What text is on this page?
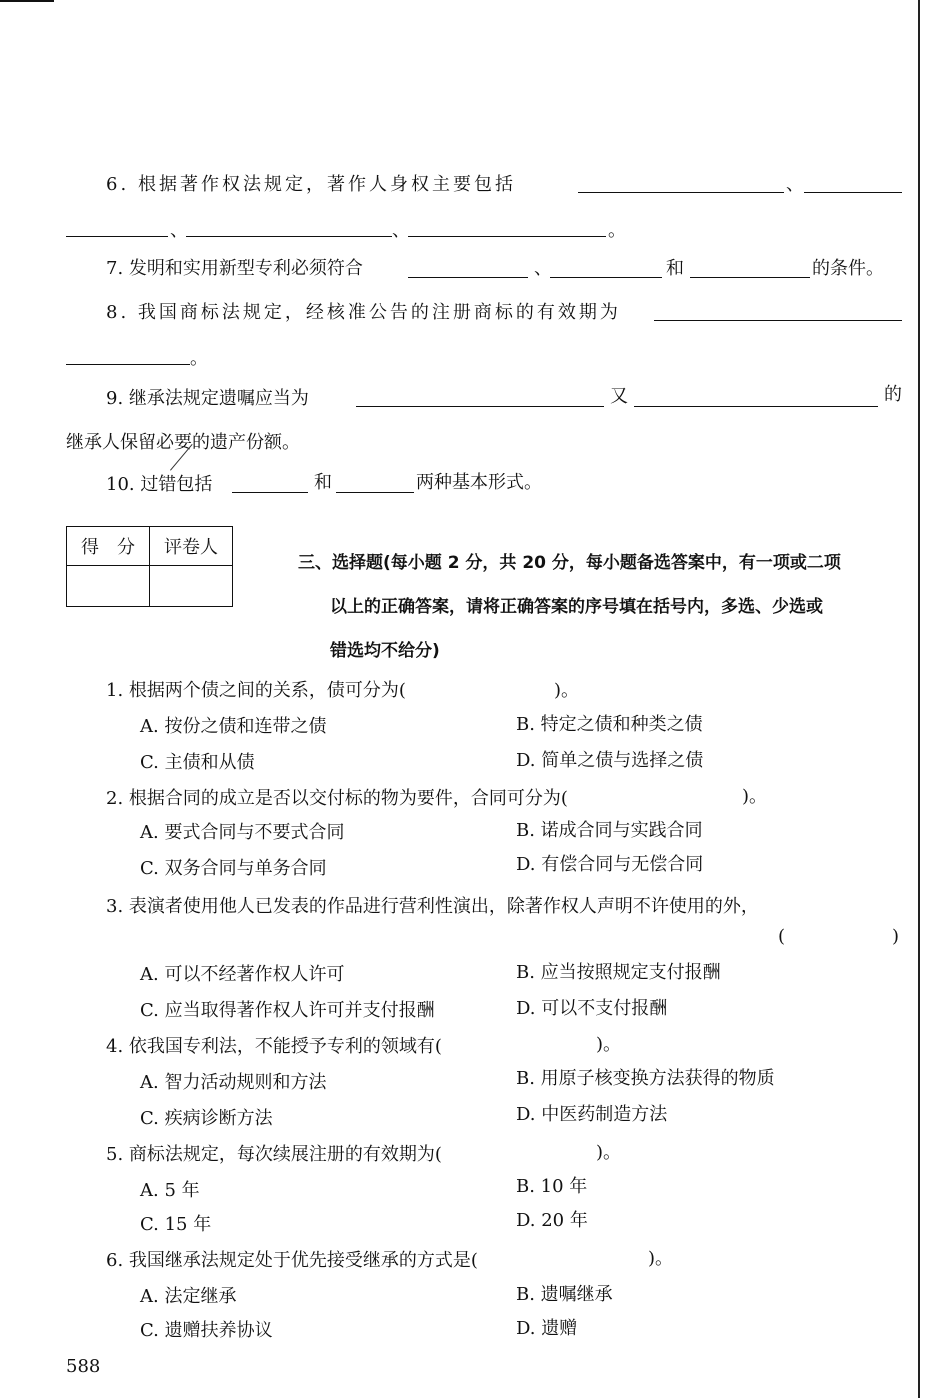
6. 根据著作权法规定，著作人身权主要包括	、
、	、	。
7. 发明和实用新型专利必须符合	、	和	的条件。
8. 我国商标法规定，经核准公告的注册商标的有效期为
。
9. 继承法规定遗嘱应当为	又	的
继承人保留必要的遗产份额。
10. 过错包括	和	两种基本形式。
得　分	评卷人

三、选择题(每小题 2 分，共 20 分，每小题备选答案中，有一项或二项
以上的正确答案，请将正确答案的序号填在括号内，多选、少选或
错选均不给分)
1. 根据两个债之间的关系，债可分为(	)。
A. 按份之债和连带之债	B. 特定之债和种类之债
C. 主债和从债	D. 简单之债与选择之债
2. 根据合同的成立是否以交付标的物为要件，合同可分为(	)。
A. 要式合同与不要式合同	B. 诺成合同与实践合同
C. 双务合同与单务合同	D. 有偿合同与无偿合同
3. 表演者使用他人已发表的作品进行营利性演出，除著作权人声明不许使用的外，
(	)
A. 可以不经著作权人许可	B. 应当按照规定支付报酬
C. 应当取得著作权人许可并支付报酬	D. 可以不支付报酬
4. 依我国专利法，不能授予专利的领域有(	)。
A. 智力活动规则和方法	B. 用原子核变换方法获得的物质
C. 疾病诊断方法	D. 中医药制造方法
5. 商标法规定，每次续展注册的有效期为(	)。
A. 5 年	B. 10 年
C. 15 年	D. 20 年
6. 我国继承法规定处于优先接受继承的方式是(	)。
A. 法定继承	B. 遗嘱继承
C. 遗赠扶养协议	D. 遗赠
588
